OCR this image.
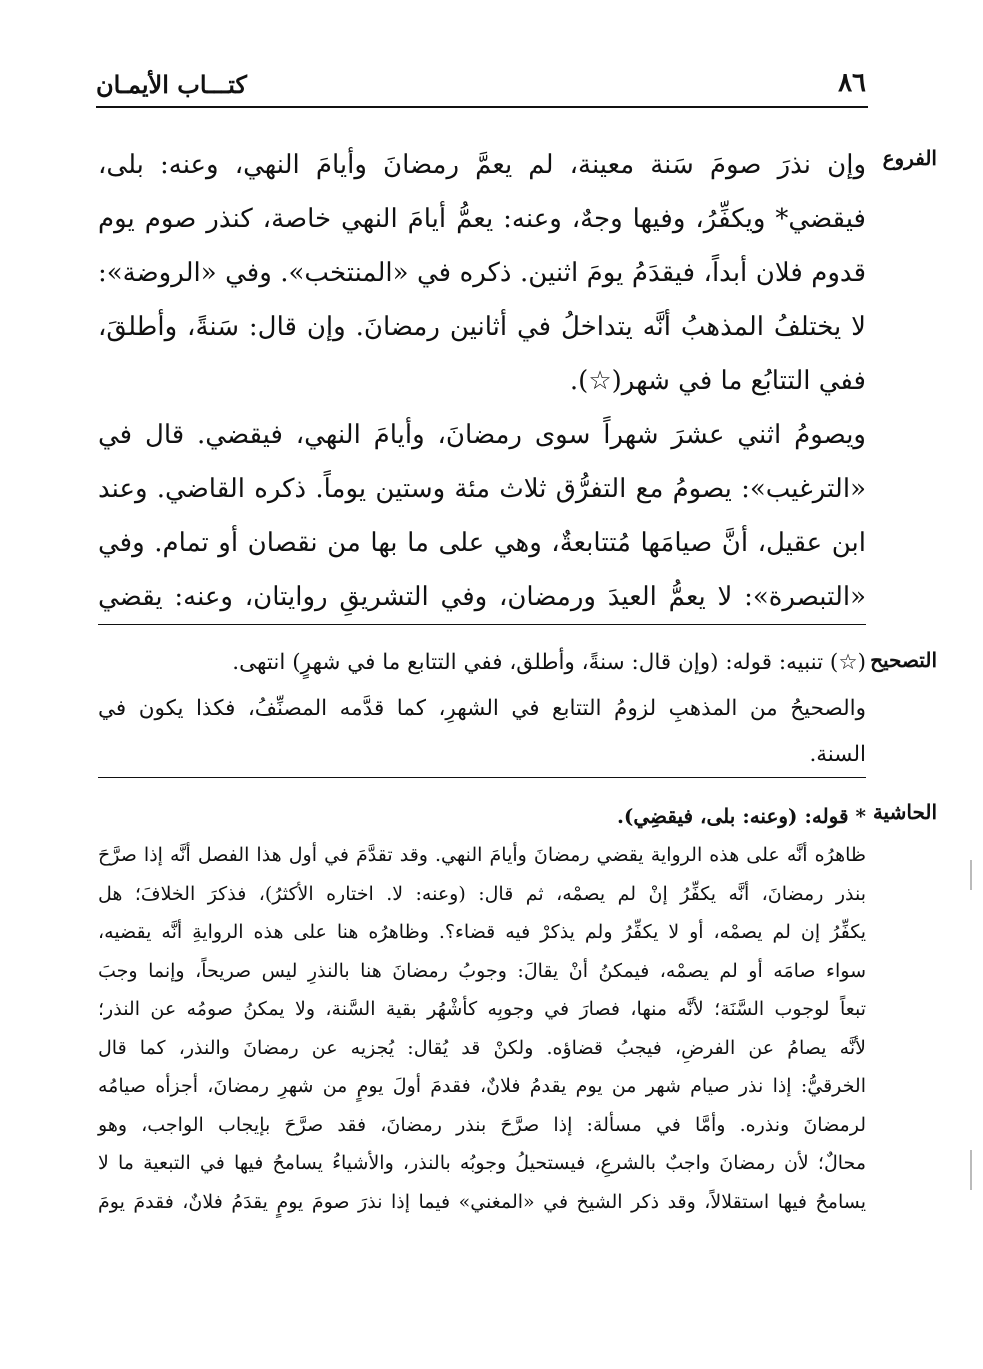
٨٦
كتـــاب الأيمـان
الفروع
وإن نذرَ صومَ سَنة معينة، لم يعمَّ رمضانَ وأيامَ النهي، وعنه: بلى،
فيقضي* ويكفِّرُ، وفيها وجهٌ، وعنه: يعمُّ أيامَ النهي خاصة، كنذر صوم يوم
قدوم فلان أبداً، فيقدَمُ يومَ اثنين. ذكره في «المنتخب». وفي «الروضة»:
لا يختلفُ المذهبُ أنَّه يتداخلُ في أثانين رمضانَ. وإن قال: سَنةً، وأطلقَ،
ففي التتابُع ما في شهر(☆).
ويصومُ اثني عشرَ شهراً سوى رمضانَ، وأيامَ النهي، فيقضي. قال في
«الترغيب»: يصومُ مع التفرُّق ثلاث مئة وستين يوماً. ذكره القاضي. وعند
ابن عقيل، أنَّ صيامَها مُتتابعةٌ، وهي على ما بها من نقصان أو تمام. وفي
«التبصرة»: لا يعمُّ العيدَ ورمضان، وفي التشريقِ روايتان، وعنه: يقضي
التصحيح
(☆) تنبيه: قوله: (وإن قال: سنةً، وأطلق، ففي التتابع ما في شهرٍ) انتهى.
والصحيحُ من المذهبِ لزومُ التتابع في الشهرِ، كما قدَّمه المصنِّفُ، فكذا يكون في
السنة.
الحاشية
* قوله: (وعنه: بلى، فيقضِي).
ظاهرُه أنَّه على هذه الرواية يقضي رمضانَ وأيامَ النهي. وقد تقدَّمَ في أول هذا الفصل أنَّه إذا صرَّحَ
بنذر رمضانَ، أنَّه يكفِّرُ إنْ لم يصمْه، ثم قال: (وعنه: لا. اختاره الأكثرُ)، فذكرَ الخلافَ؛ هل
يكفِّرُ إن لم يصمْه، أو لا يكفِّرُ ولم يذكرْ فيه قضاء؟. وظاهرُه هنا على هذه الروايةِ أنَّه يقضيه،
سواء صامَه أو لم يصمْه، فيمكنُ أنْ يقالَ: وجوبُ رمضانَ هنا بالنذرِ ليس صريحاً، وإنما وجبَ
تبعاً لوجوب السَّنَة؛ لأنَّه منها، فصارَ في وجوبِه كأشْهُر بقية السَّنة، ولا يمكنُ صومُه عن النذر؛
لأنَّه يصامُ عن الفرضِ، فيجبُ قضاؤه. ولكنْ قد يُقال: يُجزيه عن رمضانَ والنذر، كما قال
الخرقيُّ: إذا نذر صيام شهر من يوم يقدمُ فلانٌ، فقدمَ أولَ يومٍ من شهرِ رمضانَ، أجزأه صيامُه
لرمضانَ ونذره. وأمَّا في مسألة: إذا صرَّحَ بنذر رمضانَ، فقد صرَّحَ بإيجاب الواجب، وهو
محالٌ؛ لأن رمضانَ واجبٌ بالشرعِ، فيستحيلُ وجوبُه بالنذر، والأشياءُ يسامحُ فيها في التبعية ما لا
يسامحُ فيها استقلالاً، وقد ذكر الشيخ في «المغني» فيما إذا نذرَ صومَ يومٍ يقدَمُ فلانٌ، فقدمَ يومَ
